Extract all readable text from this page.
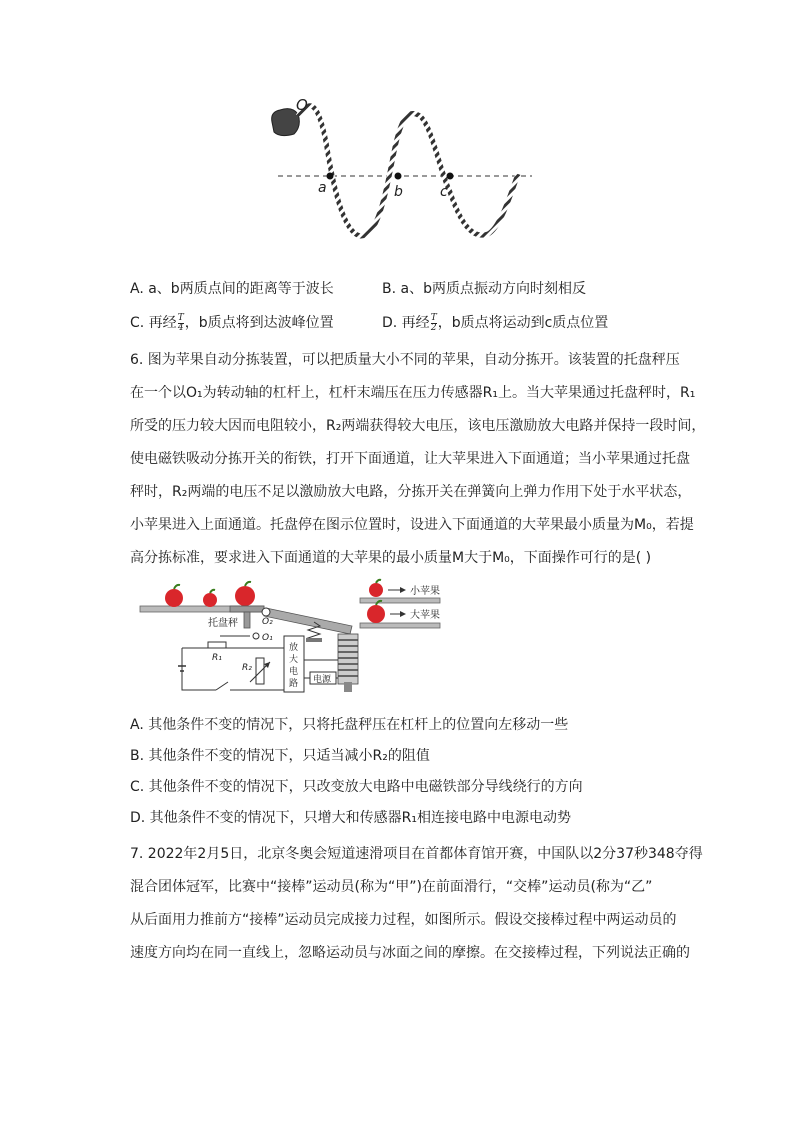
O
a	b	c
A. a、b两质点间的距离等于波长	B. a、b两质点振动方向时刻相反
C. 再经 $\frac{T}{4}$ ，b质点将到达波峰位置	D. 再经 $\frac{T}{2}$ ，b质点将运动到c质点位置

6. 图为苹果自动分拣装置，可以把质量大小不同的苹果，自动分拣开。该装置的托盘秤压

在一个以O₁为转动轴的杠杆上，杠杆末端压在压力传感器R₁上。当大苹果通过托盘秤时，R₁

所受的压力较大因而电阻较小，R₂两端获得较大电压，该电压激励放大电路并保持一段时间，

使电磁铁吸动分拣开关的衔铁，打开下面通道，让大苹果进入下面通道；当小苹果通过托盘

秤时，R₂两端的电压不足以激励放大电路，分拣开关在弹簧向上弹力作用下处于水平状态，

小苹果进入上面通道。托盘停在图示位置时，设进入下面通道的大苹果最小质量为M₀，若提

高分拣标准，要求进入下面通道的大苹果的最小质量M大于M₀，下面操作可行的是( )

小苹果
大苹果
托盘秤	O₂
O₁
R₁
R₂
放
大
电
路 电源
A. 其他条件不变的情况下，只将托盘秤压在杠杆上的位置向左移动一些
B. 其他条件不变的情况下，只适当减小R₂的阻值
C. 其他条件不变的情况下，只改变放大电路中电磁铁部分导线绕行的方向
D. 其他条件不变的情况下，只增大和传感器R₁相连接电路中电源电动势

7. 2022年2月5日，北京冬奥会短道速滑项目在首都体育馆开赛，中国队以2分37秒348夺得

混合团体冠军，比赛中“接棒”运动员(称为“甲”)在前面滑行，“交棒”运动员(称为“乙”

从后面用力推前方“接棒”运动员完成接力过程，如图所示。假设交接棒过程中两运动员的

速度方向均在同一直线上，忽略运动员与冰面之间的摩擦。在交接棒过程，下列说法正确的
